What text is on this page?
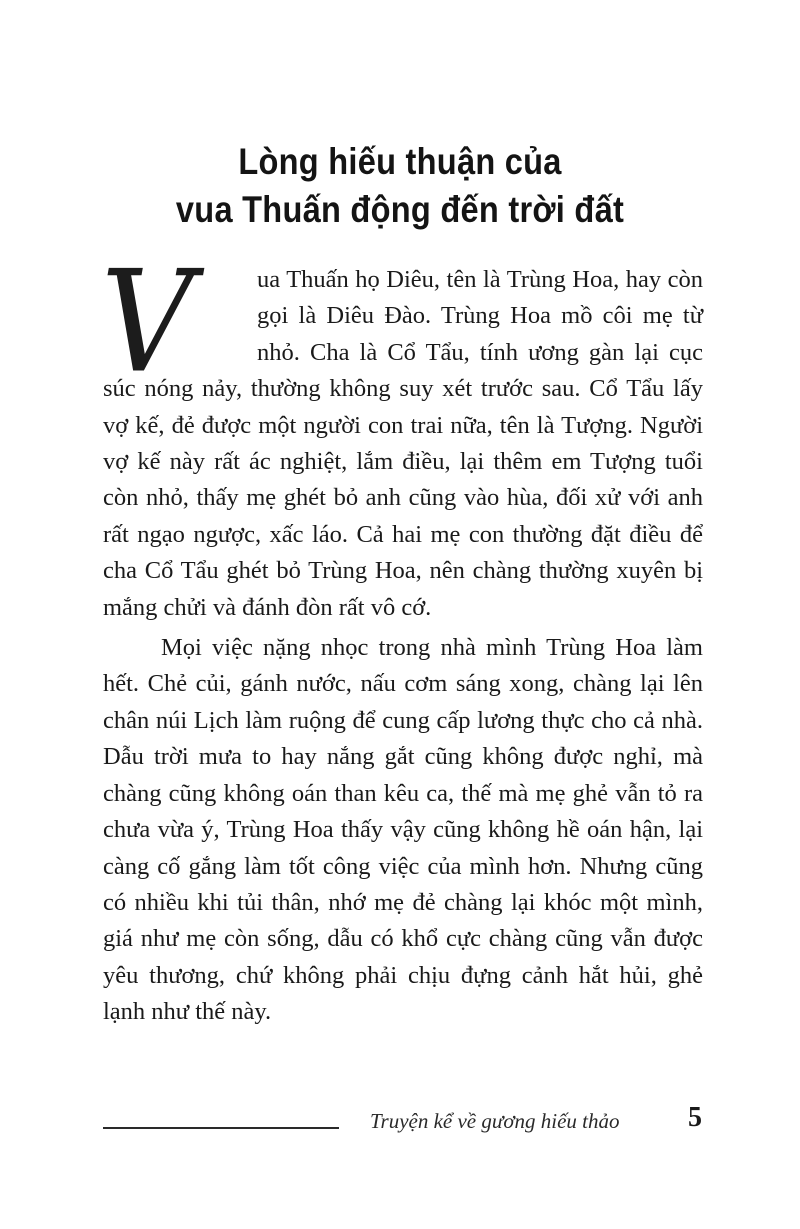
Lòng hiếu thuận của
vua Thuấn động đến trời đất

V	ua Thuấn họ Diêu, tên là Trùng Hoa, hay còn gọi là Diêu Đào. Trùng Hoa mồ côi mẹ từ nhỏ. Cha là Cổ Tẩu, tính ương gàn lại cục súc nóng nảy, thường không suy xét trước sau. Cổ Tẩu lấy vợ kế, đẻ được một người con trai nữa, tên là Tượng. Người vợ kế này rất ác nghiệt, lắm điều, lại thêm em Tượng tuổi còn nhỏ, thấy mẹ ghét bỏ anh cũng vào hùa, đối xử với anh rất ngạo ngược, xấc láo. Cả hai mẹ con thường đặt điều để cha Cổ Tẩu ghét bỏ Trùng Hoa, nên chàng thường xuyên bị mắng chửi và đánh đòn rất vô cớ.

Mọi việc nặng nhọc trong nhà mình Trùng Hoa làm hết. Chẻ củi, gánh nước, nấu cơm sáng xong, chàng lại lên chân núi Lịch làm ruộng để cung cấp lương thực cho cả nhà. Dẫu trời mưa to hay nắng gắt cũng không được nghỉ, mà chàng cũng không oán than kêu ca, thế mà mẹ ghẻ vẫn tỏ ra chưa vừa ý, Trùng Hoa thấy vậy cũng không hề oán hận, lại càng cố gắng làm tốt công việc của mình hơn. Nhưng cũng có nhiều khi tủi thân, nhớ mẹ đẻ chàng lại khóc một mình, giá như mẹ còn sống, dẫu có khổ cực chàng cũng vẫn được yêu thương, chứ không phải chịu đựng cảnh hắt hủi, ghẻ lạnh như thế này.

Truyện kể về gương hiếu thảo 5
